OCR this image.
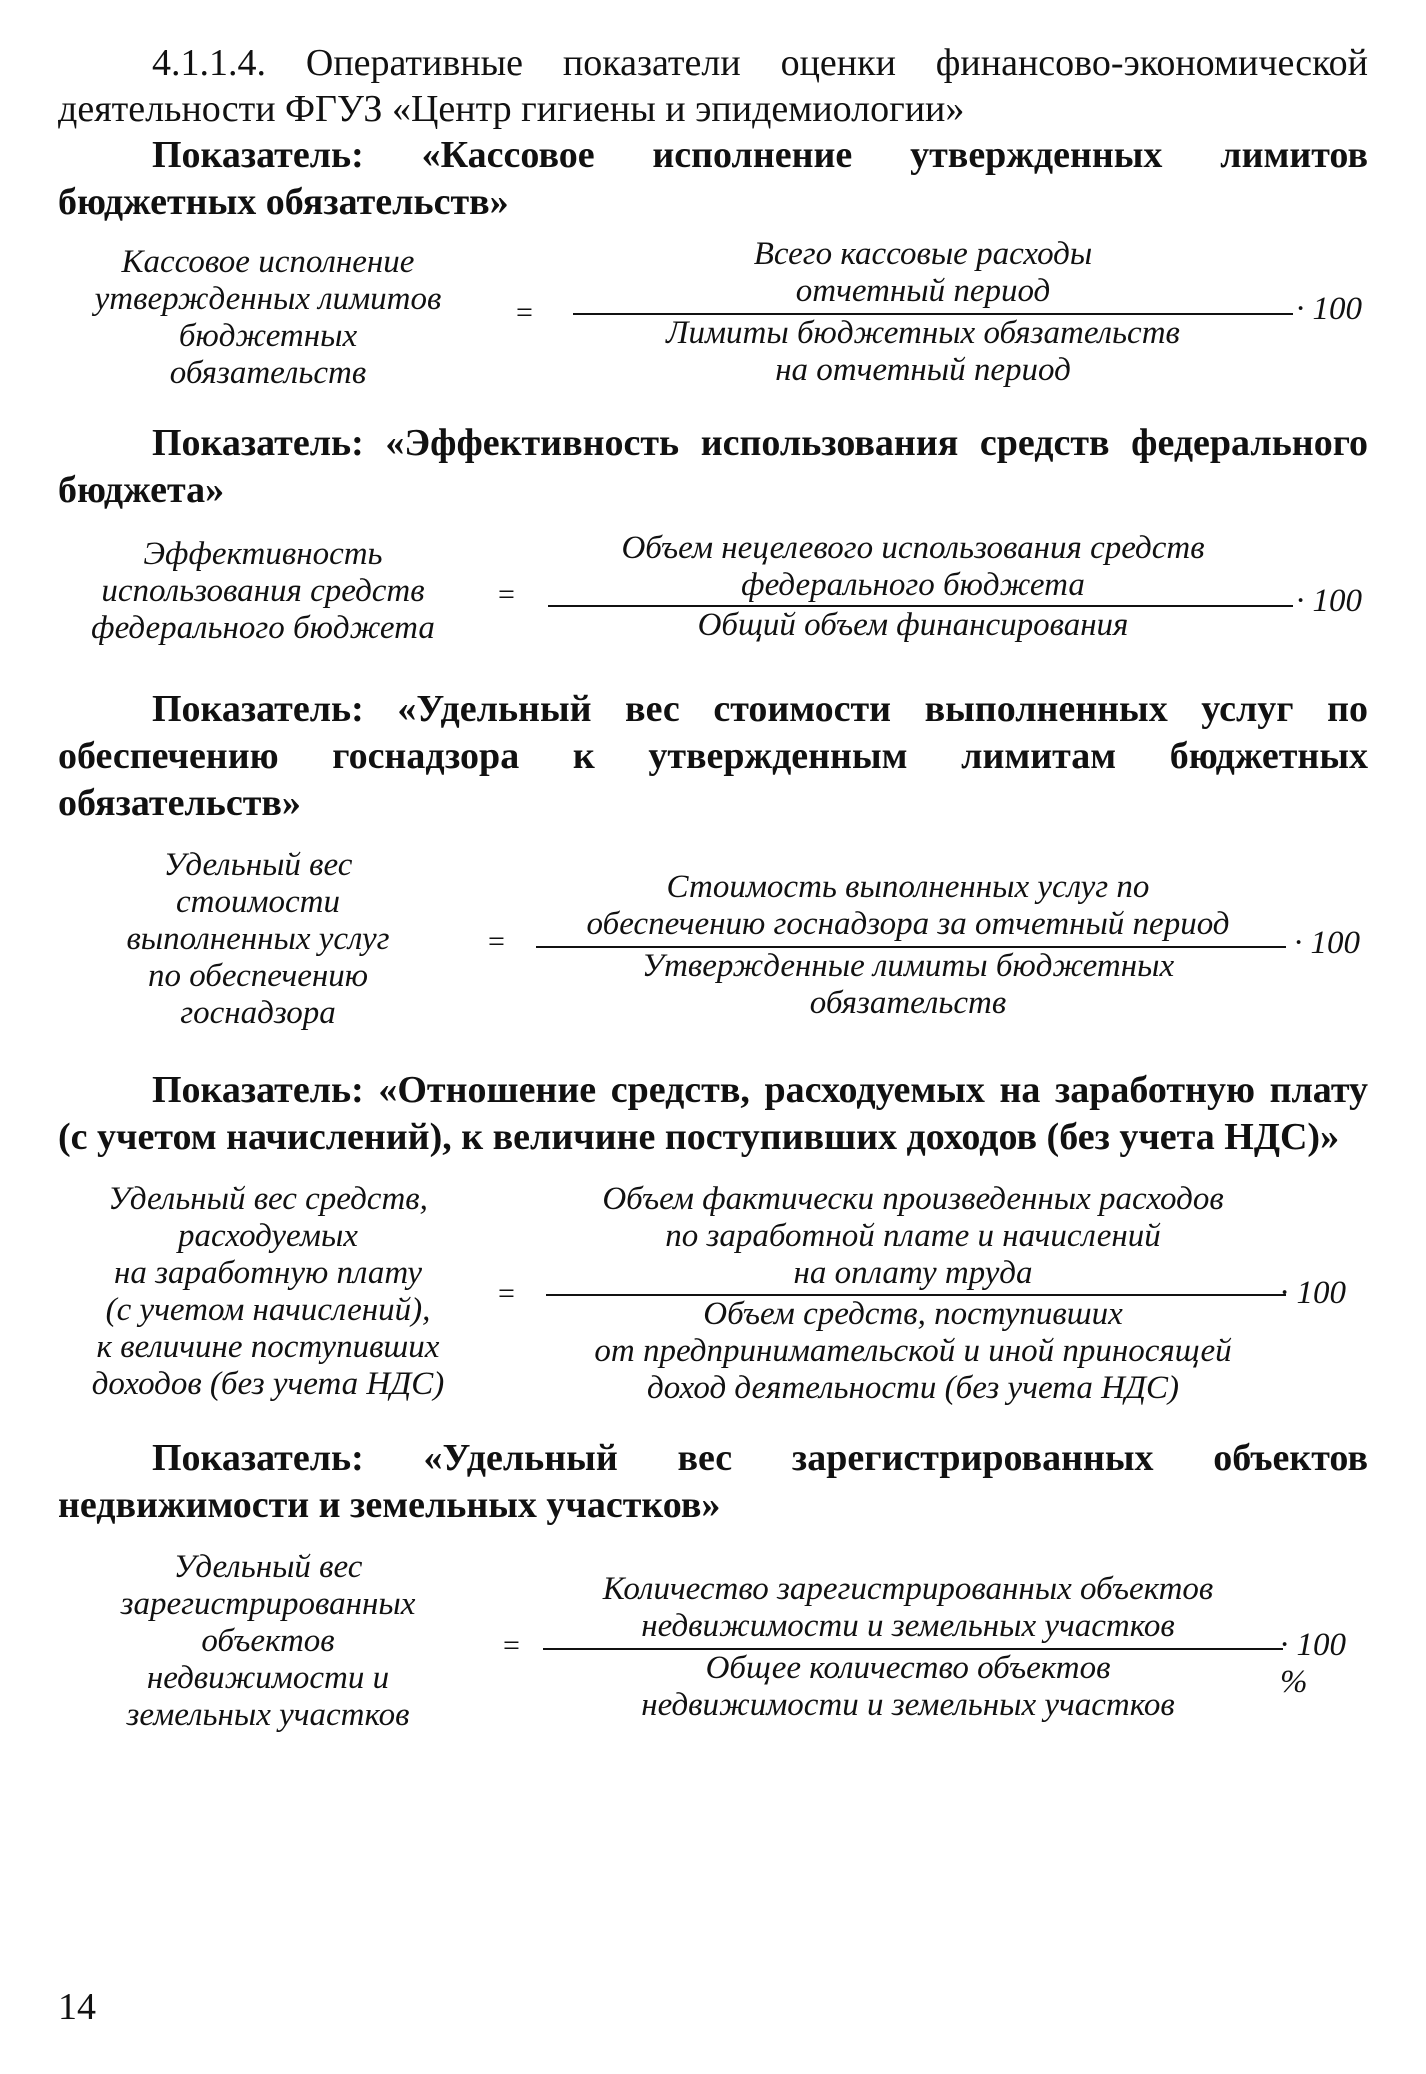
4.1.1.4. Оперативные показатели оценки финансово-экономической деятельности ФГУЗ «Центр гигиены и эпидемиологии»

Показатель: «Кассовое исполнение утвержденных лимитов бюджетных обязательств»

Кассовое исполнение
утвержденных лимитов
бюджетных
обязательств
=
Всего кассовые расходы
отчетный период
Лимиты бюджетных обязательств
на отчетный период
· 100

Показатель: «Эффективность использования средств федерального бюджета»

Эффективность
использования средств
федерального бюджета
=
Объем нецелевого использования средств
федерального бюджета
Общий объем финансирования
· 100

Показатель: «Удельный вес стоимости выполненных услуг по обеспечению госнадзора к утвержденным лимитам бюджетных обязательств»

Удельный вес
стоимости
выполненных услуг
по обеспечению
госнадзора
=
Стоимость выполненных услуг по
обеспечению госнадзора за отчетный период
Утвержденные лимиты бюджетных
обязательств
· 100

Показатель: «Отношение средств, расходуемых на заработную плату (с учетом начислений), к величине поступивших доходов (без учета НДС)»

Удельный вес средств,
расходуемых
на заработную плату
(с учетом начислений),
к величине поступивших
доходов (без учета НДС)
=
Объем фактически произведенных расходов
по заработной плате и начислений
на оплату труда
Объем средств, поступивших
от предпринимательской и иной приносящей
доход деятельности (без учета НДС)
· 100

Показатель: «Удельный вес зарегистрированных объектов недвижимости и земельных участков»

Удельный вес
зарегистрированных
объектов
недвижимости и
земельных участков
=
Количество зарегистрированных объектов
недвижимости и земельных участков
Общее количество объектов
недвижимости и земельных участков
· 100 %
14
